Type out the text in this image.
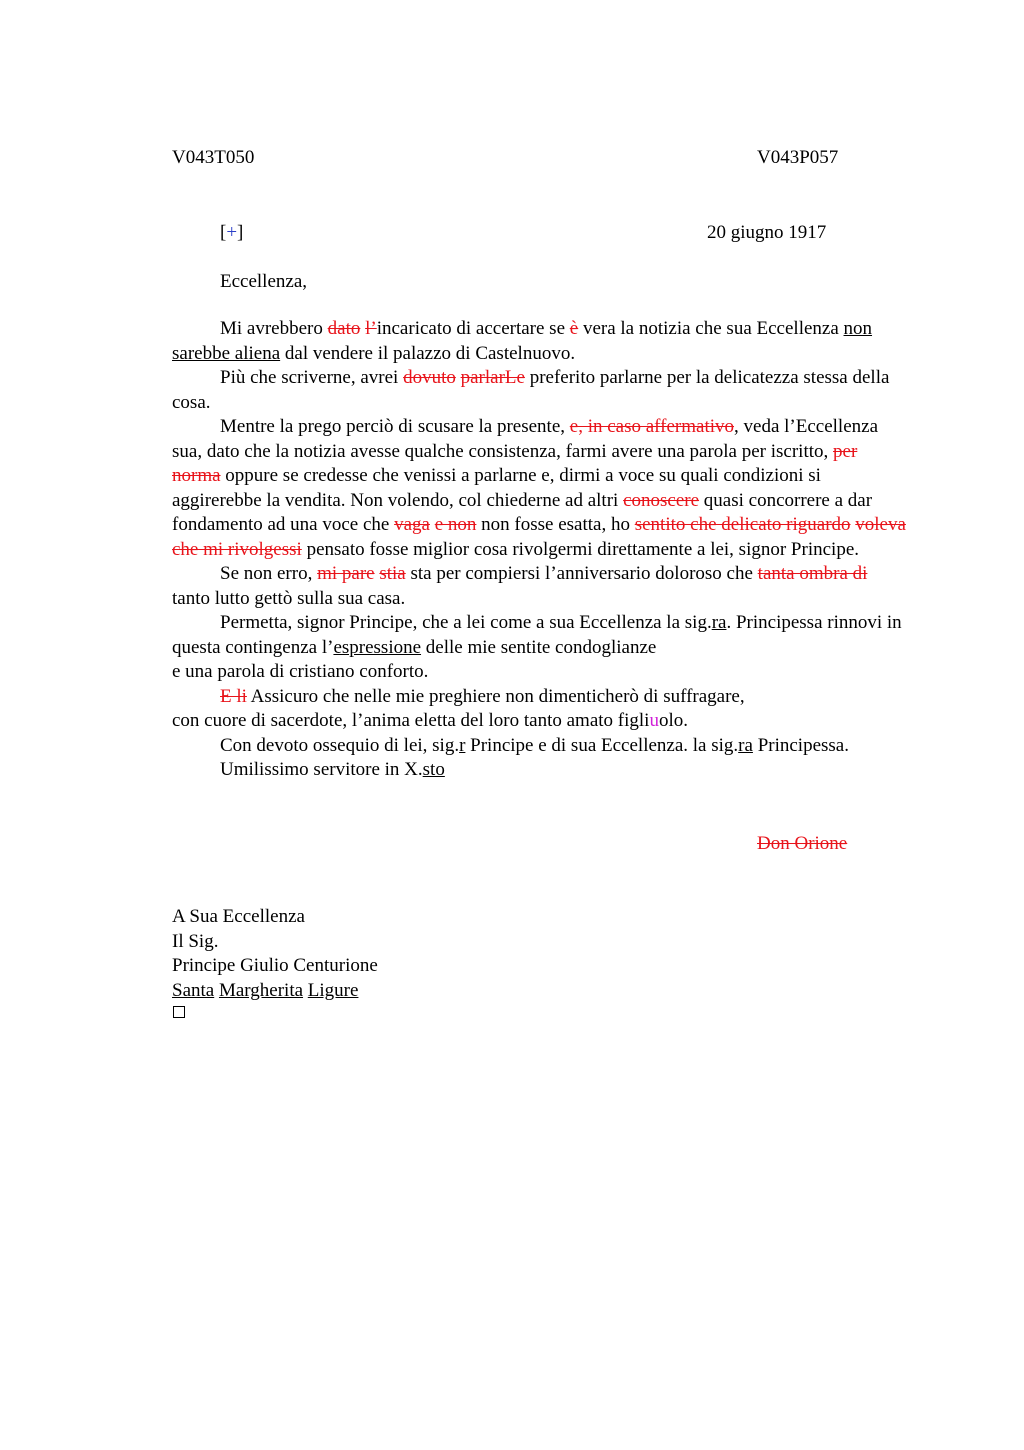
V043T050	V043P057
[+]	20 giugno 1917
Eccellenza,

Mi avrebbero dato l’incaricato di accertare se è vera la notizia che sua Eccellenza non sarebbe aliena dal vendere il palazzo di Castelnuovo.

Più che scriverne, avrei dovuto parlarLe preferito parlarne per la delicatezza stessa della cosa.

Mentre la prego perciò di scusare la presente, e, in caso affermativo, veda l’Eccellenza sua, dato che la notizia avesse qualche consistenza, farmi avere una parola per iscritto, per norma oppure se credesse che venissi a parlarne e, dirmi a voce su quali condizioni si aggirerebbe la vendita. Non volendo, col chiederne ad altri conoscere quasi concorrere a dar fondamento ad una voce che vaga e non non fosse esatta, ho sentito che delicato riguardo voleva che mi rivolgessi pensato fosse miglior cosa rivolgermi direttamente a lei, signor Principe.

Se non erro, mi pare stia sta per compiersi l’anniversario doloroso che tanta ombra di tanto lutto gettò sulla sua casa.

Permetta, signor Principe, che a lei come a sua Eccellenza la sig.ra. Principessa rinnovi in questa contingenza l’espressione delle mie sentite condoglianze

e una parola di cristiano conforto.

E li Assicuro che nelle mie preghiere non dimenticherò di suffragare,

con cuore di sacerdote, l’anima eletta del loro tanto amato figliuolo.

Con devoto ossequio di lei, sig.r Principe e di sua Eccellenza. la sig.ra Principessa.

Umilissimo servitore in X.sto

Don Orione
A Sua Eccellenza
Il Sig.
Principe Giulio Centurione
Santa Margherita Ligure
